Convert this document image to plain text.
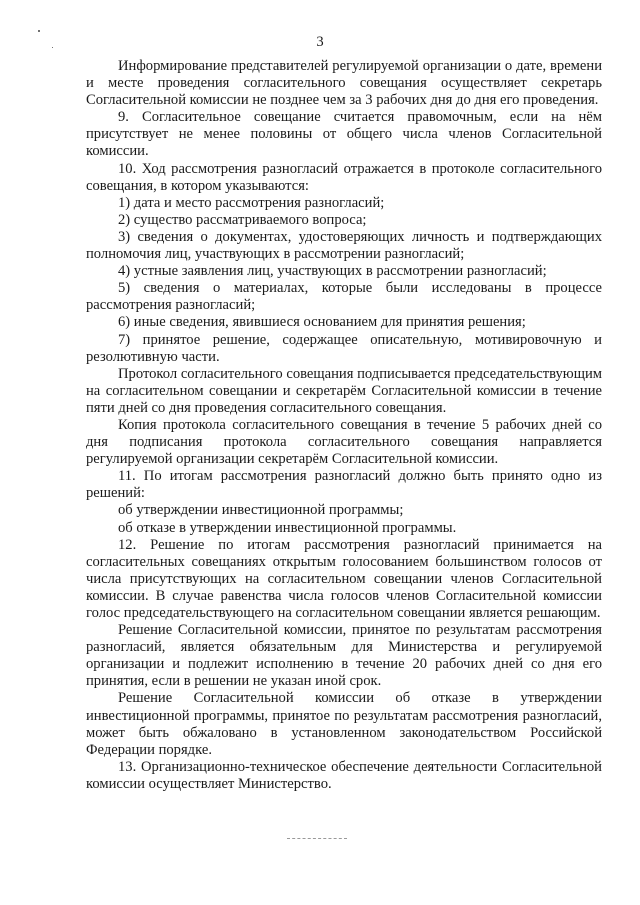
3

Информирование представителей регулируемой организации о дате, времени и месте проведения согласительного совещания осуществляет секретарь Согласительной комиссии не позднее чем за 3 рабочих дня до дня его проведения.

9. Согласительное совещание считается правомочным, если на нём присутствует не менее половины от общего числа членов Согласительной комиссии.

10. Ход рассмотрения разногласий отражается в протоколе согласительного совещания, в котором указываются:

1) дата и место рассмотрения разногласий;

2) существо рассматриваемого вопроса;

3) сведения о документах, удостоверяющих личность и подтверждающих полномочия лиц, участвующих в рассмотрении разногласий;

4) устные заявления лиц, участвующих в рассмотрении разногласий;

5) сведения о материалах, которые были исследованы в процессе рассмотрения разногласий;

6) иные сведения, явившиеся основанием для принятия решения;

7) принятое решение, содержащее описательную, мотивировочную и резолютивную части.

Протокол согласительного совещания подписывается председательствующим на согласительном совещании и секретарём Согласительной комиссии в течение пяти дней со дня проведения согласительного совещания.

Копия протокола согласительного совещания в течение 5 рабочих дней со дня подписания протокола согласительного совещания направляется регулируемой организации секретарём Согласительной комиссии.

11. По итогам рассмотрения разногласий должно быть принято одно из решений:

об утверждении инвестиционной программы;

об отказе в утверждении инвестиционной программы.

12. Решение по итогам рассмотрения разногласий принимается на согласительных совещаниях открытым голосованием большинством голосов от числа присутствующих на согласительном совещании членов Согласительной комиссии. В случае равенства числа голосов членов Согласительной комиссии голос председательствующего на согласительном совещании является решающим.

Решение Согласительной комиссии, принятое по результатам рассмотрения разногласий, является обязательным для Министерства и регулируемой организации и подлежит исполнению в течение 20 рабочих дней со дня его принятия, если в решении не указан иной срок.

Решение Согласительной комиссии об отказе в утверждении инвестиционной программы, принятое по результатам рассмотрения разногласий, может быть обжаловано в установленном законодательством Российской Федерации порядке.

13. Организационно-техническое обеспечение деятельности Согласительной комиссии осуществляет Министерство.
